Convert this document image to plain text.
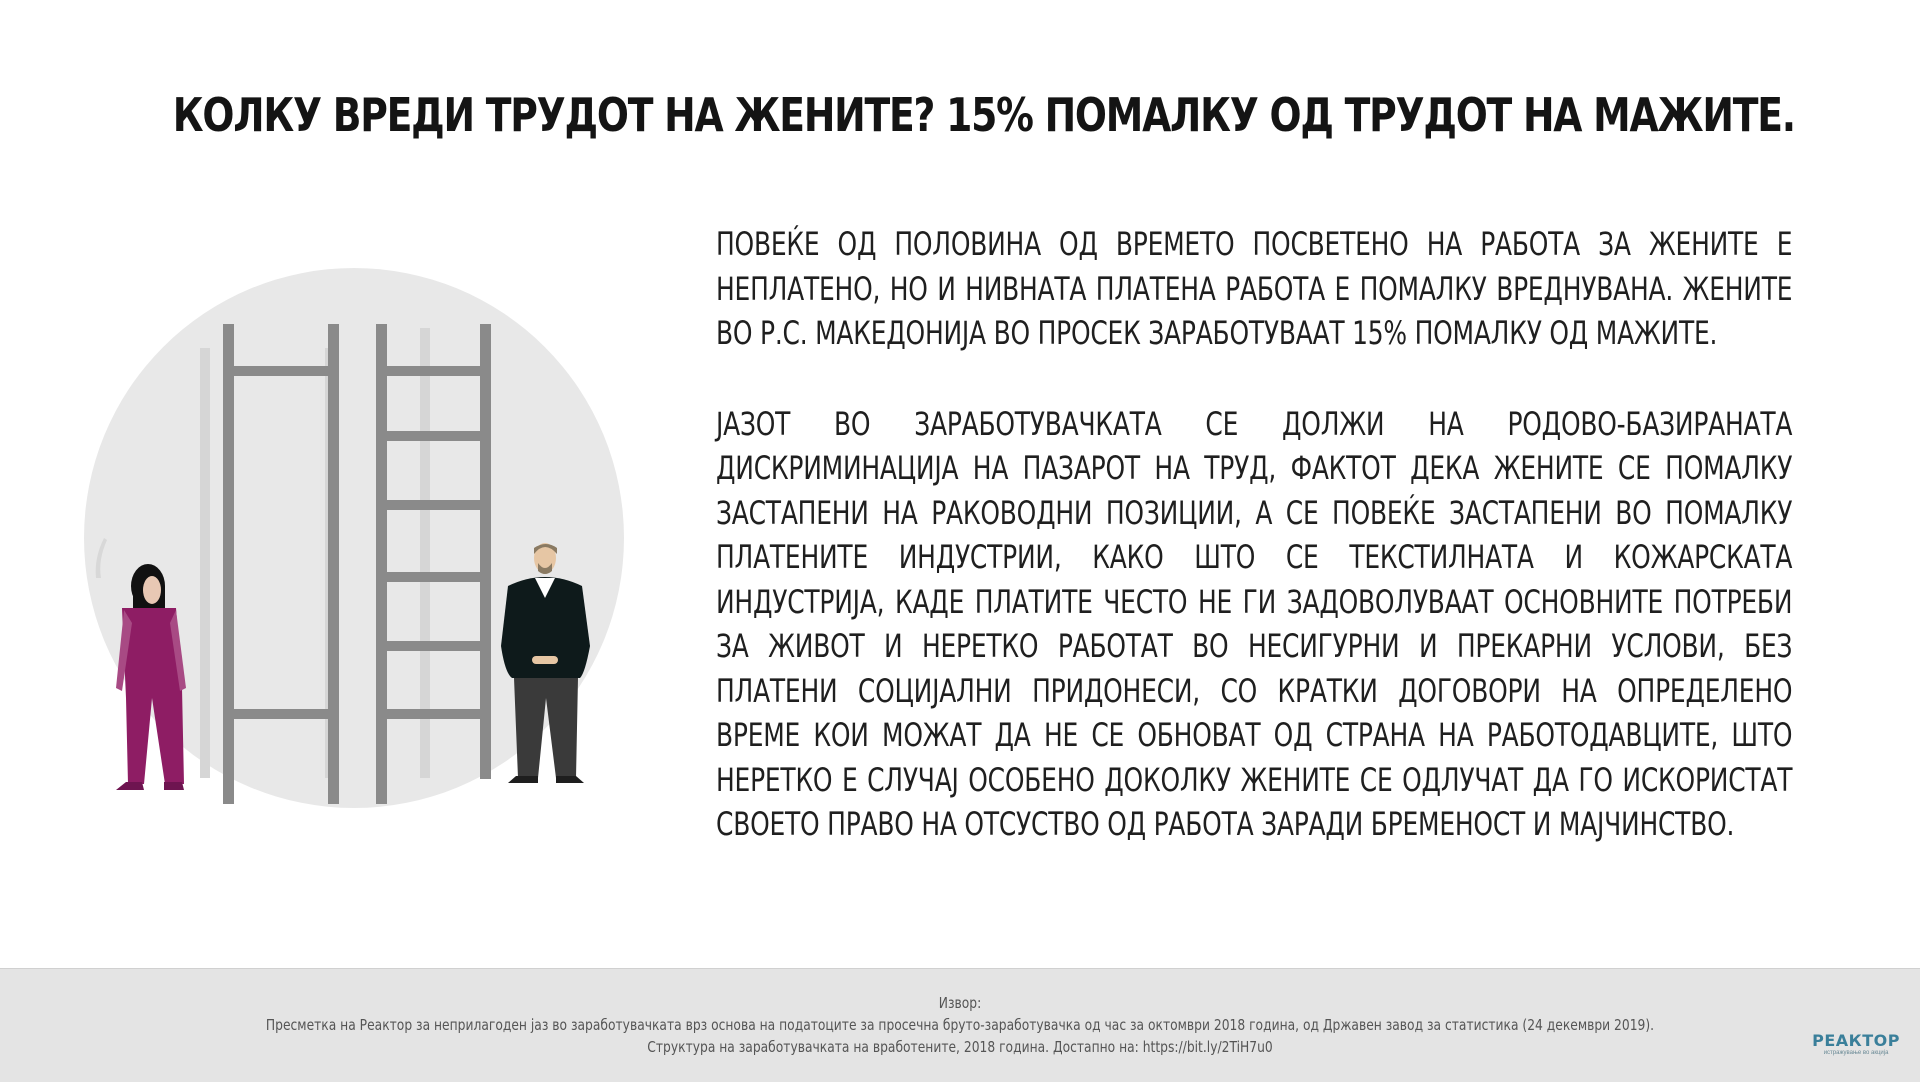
КОЛКУ ВРЕДИ ТРУДОТ НА ЖЕНИТЕ? 15% ПОМАЛКУ ОД ТРУДОТ НА МАЖИТЕ.

ПОВЕЌЕ ОД ПОЛОВИНА ОД ВРЕМЕТО ПОСВЕТЕНО НА РАБОТА ЗА ЖЕНИТЕ Е НЕПЛАТЕНО, НО И НИВНАТА ПЛАТЕНА РАБОТА Е ПОМАЛКУ ВРЕДНУВАНА. ЖЕНИТЕ ВО Р.С. МАКЕДОНИЈА ВО ПРОСЕК ЗАРАБОТУВААТ 15% ПОМАЛКУ ОД МАЖИТЕ.

ЈАЗОТ ВО ЗАРАБОТУВАЧКАТА СЕ ДОЛЖИ НА РОДОВО-БАЗИРАНАТА ДИСКРИМИНАЦИЈА НА ПАЗАРОТ НА ТРУД, ФАКТОТ ДЕКА ЖЕНИТЕ СЕ ПОМАЛКУ ЗАСТАПЕНИ НА РАКОВОДНИ ПОЗИЦИИ, А СЕ ПОВЕЌЕ ЗАСТАПЕНИ ВО ПОМАЛКУ ПЛАТЕНИТЕ ИНДУСТРИИ, КАКО ШТО СЕ ТЕКСТИЛНАТА И КОЖАРСКАТА ИНДУСТРИЈА, КАДЕ ПЛАТИТЕ ЧЕСТО НЕ ГИ ЗАДОВОЛУВААТ ОСНОВНИТЕ ПОТРЕБИ ЗА ЖИВОТ И НЕРЕТКО РАБОТАТ ВО НЕСИГУРНИ И ПРЕКАРНИ УСЛОВИ, БЕЗ ПЛАТЕНИ СОЦИЈАЛНИ ПРИДОНЕСИ, СО КРАТКИ ДОГОВОРИ НА ОПРЕДЕЛЕНО ВРЕМЕ КОИ МОЖАТ ДА НЕ СЕ ОБНОВАТ ОД СТРАНА НА РАБОТОДАВЦИТЕ, ШТО НЕРЕТКО Е СЛУЧАЈ ОСОБЕНО ДОКОЛКУ ЖЕНИТЕ СЕ ОДЛУЧАТ ДА ГО ИСКОРИСТАТ СВОЕТО ПРАВО НА ОТСУСТВО ОД РАБОТА ЗАРАДИ БРЕМЕНОСТ И МАЈЧИНСТВО.

Извор:
Пресметка на Реактор за неприлагоден јаз во заработувачката врз основа на податоците за просечна бруто-заработувачка од час за октомври 2018 година, од Државен завод за статистика (24 декември 2019).
Структура на заработувачката на вработените, 2018 година. Достапно на: https://bit.ly/2TiH7u0	РЕАКТОР
истражување во акција
